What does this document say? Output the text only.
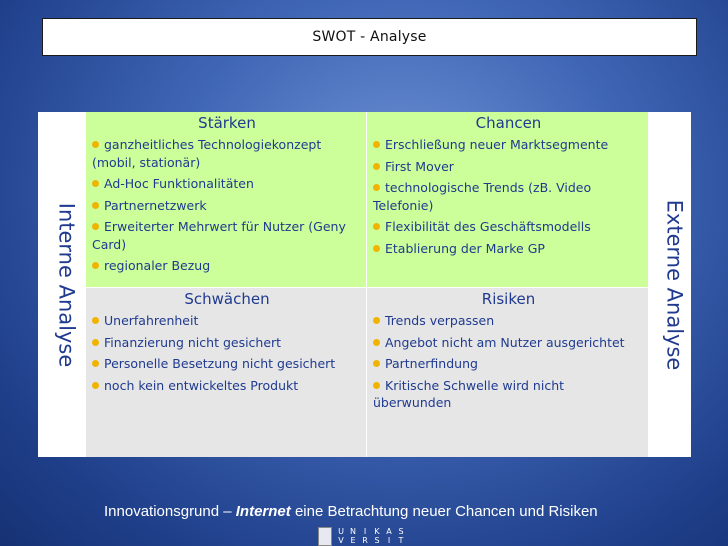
SWOT - Analyse
Interne Analyse
Stärken
ganzheitliches Technologiekonzept (mobil, stationär)
Ad-Hoc Funktionalitäten
Partnernetzwerk
Erweiterter Mehrwert für Nutzer (Geny Card)
regionaler Bezug
Chancen
Erschließung neuer Marktsegmente
First Mover
technologische Trends (zB. Video Telefonie)
Flexibilität des Geschäftsmodells
Etablierung der Marke GP
Schwächen
Unerfahrenheit
Finanzierung nicht gesichert
Personelle Besetzung nicht gesichert
noch kein entwickeltes Produkt
Risiken
Trends verpassen
Angebot nicht am Nutzer ausgerichtet
Partnerfindung
Kritische Schwelle wird nicht überwunden
Externe Analyse
Innovationsgrund – Internet eine Betrachtung neuer Chancen und Risiken
U N I	K A S
V E R S	I	T
